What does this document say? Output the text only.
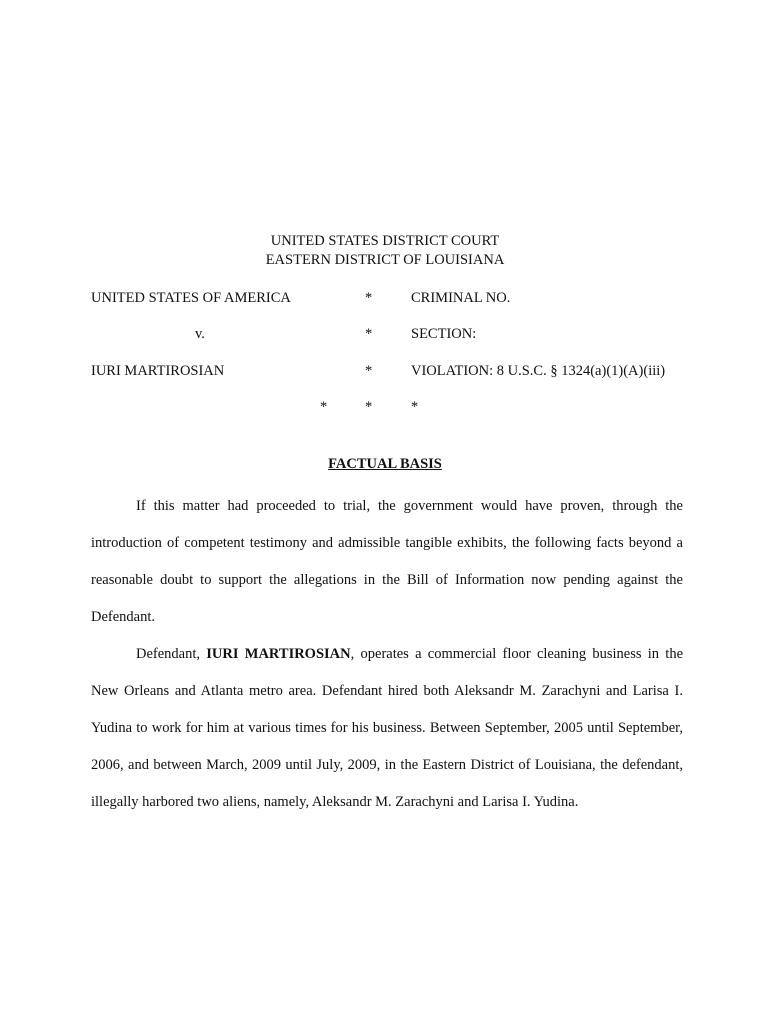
UNITED STATES DISTRICT COURT
EASTERN DISTRICT OF LOUISIANA
UNITED STATES OF AMERICA	*	CRIMINAL NO.
v.	*	SECTION:
IURI MARTIROSIAN	*	VIOLATION: 8 U.S.C. § 1324(a)(1)(A)(iii)
*	*	*
FACTUAL BASIS

If this matter had proceeded to trial, the government would have proven, through the introduction of competent testimony and admissible tangible exhibits, the following facts beyond a reasonable doubt to support the allegations in the Bill of Information now pending against the Defendant.

Defendant, IURI MARTIROSIAN, operates a commercial floor cleaning business in the New Orleans and Atlanta metro area. Defendant hired both Aleksandr M. Zarachyni and Larisa I. Yudina to work for him at various times for his business. Between September, 2005 until September, 2006, and between March, 2009 until July, 2009, in the Eastern District of Louisiana, the defendant, illegally harbored two aliens, namely, Aleksandr M. Zarachyni and Larisa I. Yudina.
